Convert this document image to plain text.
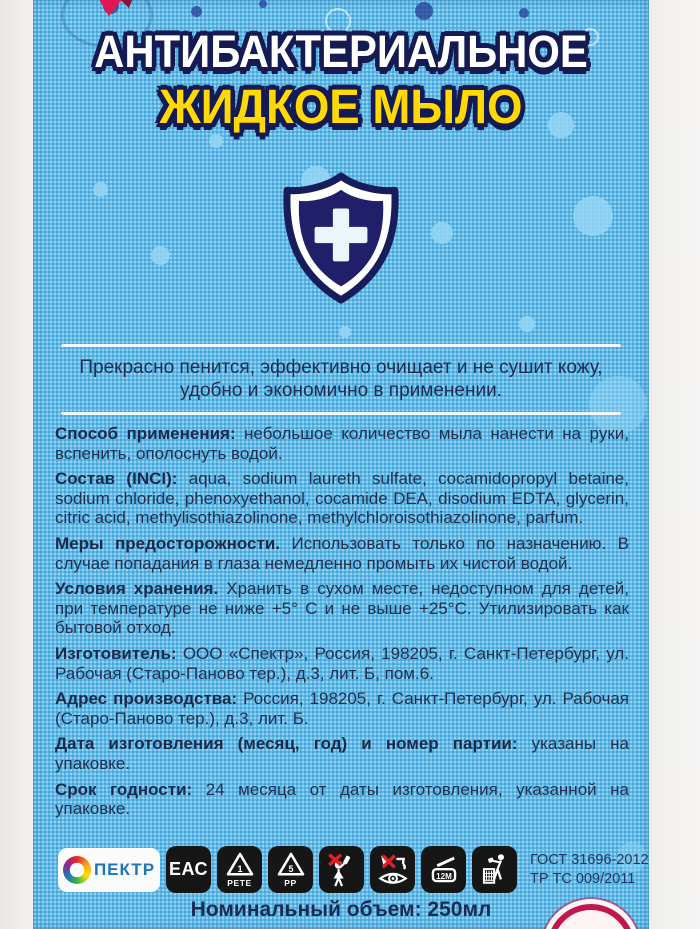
АНТИБАКТЕРИАЛЬНОЕ
ЖИДКОЕ МЫЛО
Прекрасно пенится, эффективно очищает и не сушит кожу, удобно и экономично в применении.
Способ применения: небольшое количество мыла нанести на руки, вспенить, ополоснуть водой.
Состав (INCI): aqua, sodium laureth sulfate, cocamidopropyl betaine, sodium chloride, phenoxyethanol, cocamide DEA, disodium EDTA, glycerin, citric acid, methylisothiazolinone, methylchloroisothiazolinone, parfum.
Меры предосторожности. Использовать только по назначению. В случае попадания в глаза немедленно промыть их чистой водой.
Условия хранения. Хранить в сухом месте, недоступном для детей, при температуре не ниже +5° C и не выше +25°C. Утилизировать как бытовой отход.
Изготовитель: ООО «Спектр», Россия, 198205, г. Санкт-Петербург, ул. Рабочая (Старо-Паново тер.), д.3, лит. Б, пом.6.
Адрес производства: Россия, 198205, г. Санкт-Петербург, ул. Рабочая (Старо-Паново тер.), д.3, лит. Б.
Дата изготовления (месяц, год) и номер партии: указаны на упаковке.
Срок годности: 24 месяца от даты изготовления, указанной на упаковке.
ПЕКТР ЕАС 1
PETE
5
PP
12M
ГОСТ 31696-2012
ТР ТС 009/2011
Номинальный объем: 250мл
